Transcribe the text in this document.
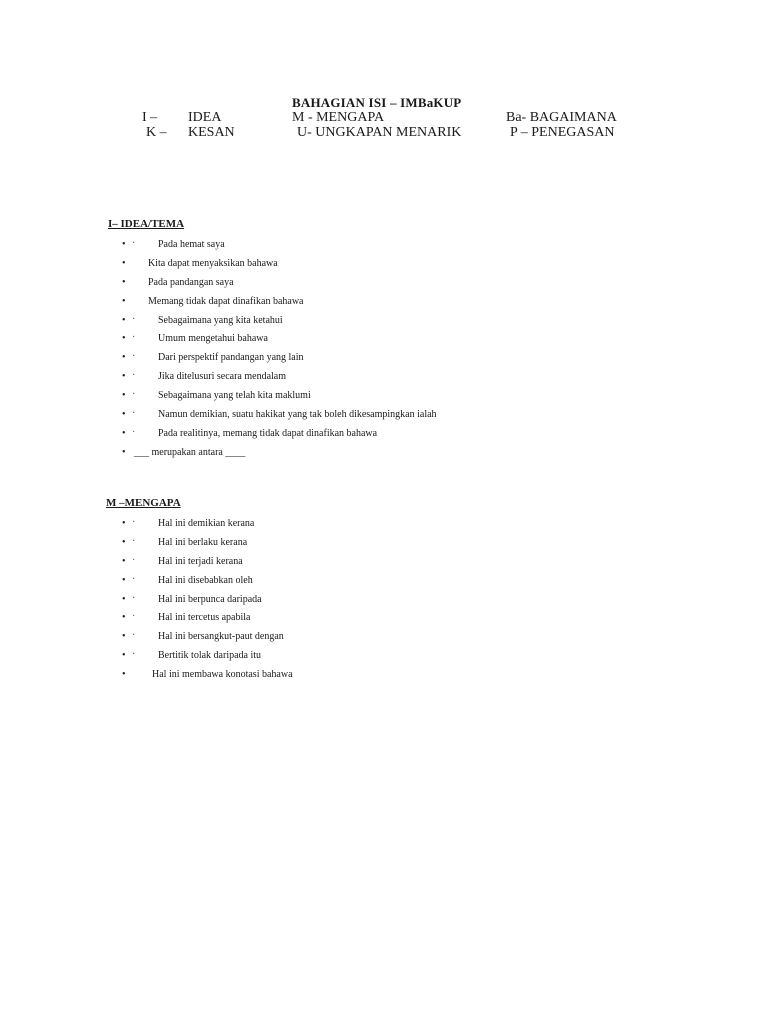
BAHAGIAN ISI – IMBaKUP
I – IDEA	M - MENGAPA	Ba- BAGAIMANA
K – KESAN	U- UNGKAPAN MENARIK	P – PENEGASAN
I– IDEA/TEMA
• · Pada hemat saya
• Kita dapat menyaksikan bahawa
• Pada pandangan saya
• Memang tidak dapat dinafikan bahawa
• · Sebagaimana yang kita ketahui
• · Umum mengetahui bahawa
• · Dari perspektif pandangan yang lain
• · Jika ditelusuri secara mendalam
• · Sebagaimana yang telah kita maklumi
• · Namun demikian, suatu hakikat yang tak boleh dikesampingkan ialah
• · Pada realitinya, memang tidak dapat dinafikan bahawa
• ___ merupakan antara ____
M –MENGAPA
• · Hal ini demikian kerana
• · Hal ini berlaku kerana
• · Hal ini terjadi kerana
• · Hal ini disebabkan oleh
• · Hal ini berpunca daripada
• · Hal ini tercetus apabila
• · Hal ini bersangkut-paut dengan
• · Bertitik tolak daripada itu
•	Hal ini membawa konotasi bahawa
